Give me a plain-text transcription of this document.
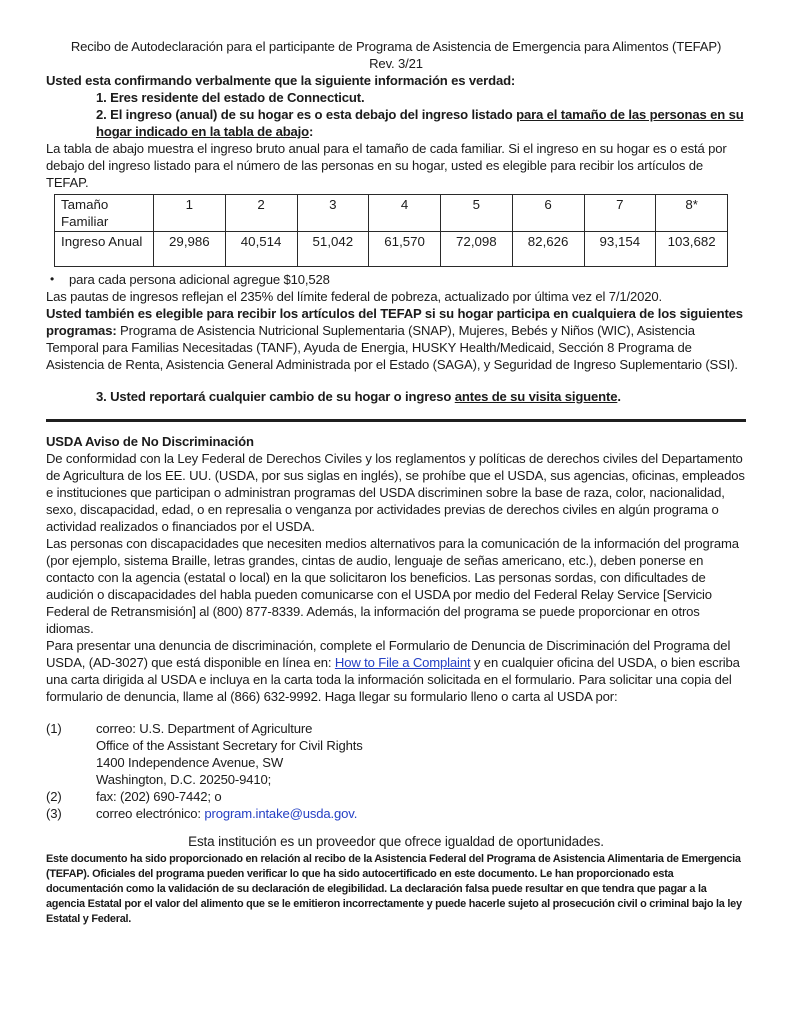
Recibo de Autodeclaración para el participante de Programa de Asistencia de Emergencia para Alimentos (TEFAP)
Rev. 3/21
Usted esta confirmando verbalmente que la siguiente información es verdad:
1. Eres residente del estado de Connecticut.
2. El ingreso (anual) de su hogar es o esta debajo del ingreso listado para el tamaño de las personas en su hogar indicado en la tabla de abajo:

La tabla de abajo muestra el ingreso bruto anual para el tamaño de cada familiar. Si el ingreso en su hogar es o está por debajo del ingreso listado para el número de las personas en su hogar, usted es elegible para recibir los artículos de TEFAP.

Tamaño Familiar	1	2	3	4	5	6	7	8*
Ingreso Anual	29,986	40,514	51,042	61,570	72,098	82,626	93,154	103,682
•	para cada persona adicional agregue $10,528
Las pautas de ingresos reflejan el 235% del límite federal de pobreza, actualizado por última vez el 7/1/2020.

Usted también es elegible para recibir los artículos del TEFAP si su hogar participa en cualquiera de los siguientes programas: Programa de Asistencia Nutricional Suplementaria (SNAP), Mujeres, Bebés y Niños (WIC), Asistencia Temporal para Familias Necesitadas (TANF), Ayuda de Energia, HUSKY Health/Medicaid, Sección 8 Programa de Asistencia de Renta, Asistencia General Administrada por el Estado (SAGA), y Seguridad de Ingreso Suplementario (SSI).

3. Usted reportará cualquier cambio de su hogar o ingreso antes de su visita siguente.
USDA Aviso de No Discriminación

De conformidad con la Ley Federal de Derechos Civiles y los reglamentos y políticas de derechos civiles del Departamento de Agricultura de los EE. UU. (USDA, por sus siglas en inglés), se prohíbe que el USDA, sus agencias, oficinas, empleados e instituciones que participan o administran programas del USDA discriminen sobre la base de raza, color, nacionalidad, sexo, discapacidad, edad, o en represalia o venganza por actividades previas de derechos civiles en algún programa o actividad realizados o financiados por el USDA.

Las personas con discapacidades que necesiten medios alternativos para la comunicación de la información del programa (por ejemplo, sistema Braille, letras grandes, cintas de audio, lenguaje de señas americano, etc.), deben ponerse en contacto con la agencia (estatal o local) en la que solicitaron los beneficios. Las personas sordas, con dificultades de audición o discapacidades del habla pueden comunicarse con el USDA por medio del Federal Relay Service [Servicio Federal de Retransmisión] al (800) 877-8339. Además, la información del programa se puede proporcionar en otros idiomas.

Para presentar una denuncia de discriminación, complete el Formulario de Denuncia de Discriminación del Programa del USDA, (AD-3027) que está disponible en línea en: How to File a Complaint y en cualquier oficina del USDA, o bien escriba una carta dirigida al USDA e incluya en la carta toda la información solicitada en el formulario. Para solicitar una copia del formulario de denuncia, llame al (866) 632-9992. Haga llegar su formulario lleno o carta al USDA por:

(1)	correo: U.S. Department of Agriculture
Office of the Assistant Secretary for Civil Rights
1400 Independence Avenue, SW
Washington, D.C. 20250-9410;
(2)	fax: (202) 690-7442; o
(3)	correo electrónico: program.intake@usda.gov.
Esta institución es un proveedor que ofrece igualdad de oportunidades.
Este documento ha sido proporcionado en relación al recibo de la Asistencia Federal del Programa de Asistencia Alimentaria de Emergencia (TEFAP). Oficiales del programa pueden verificar lo que ha sido autocertificado en este documento. Le han proporcionado esta documentación como la validación de su declaración de elegibilidad. La declaración falsa puede resultar en que tendra que pagar a la agencia Estatal por el valor del alimento que se le emitieron incorrectamente y puede hacerle sujeto al prosecución civil o criminal bajo la ley Estatal y Federal.
